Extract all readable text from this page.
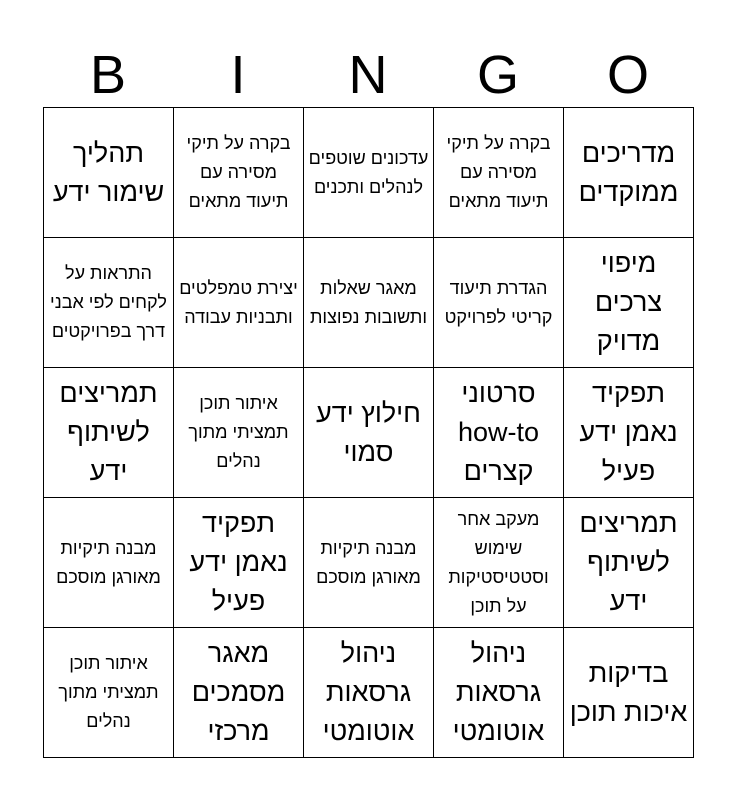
B	I	N	G	O
תהליך שימור ידע	בקרה על תיקי מסירה עם תיעוד מתאים	עדכונים שוטפים לנהלים ותכנים	בקרה על תיקי מסירה עם תיעוד מתאים	מדריכים ממוקדים

התראות על לקחים לפי אבני דרך בפרויקטים	יצירת טמפלטים ותבניות עבודה	מאגר שאלות ותשובות נפוצות	הגדרת תיעוד קריטי לפרויקט	מיפוי צרכים מדויק

תמריצים לשיתוף ידע	איתור תוכן תמציתי מתוך נהלים	חילוץ ידע סמוי	סרטוני how-to קצרים	תפקיד נאמן ידע פעיל

מבנה תיקיות מאורגן מוסכם	תפקיד נאמן ידע פעיל	מבנה תיקיות מאורגן מוסכם	מעקב אחר שימוש וסטטיסטיקות על תוכן	תמריצים לשיתוף ידע

איתור תוכן תמציתי מתוך נהלים	מאגר מסמכים מרכזי	ניהול גרסאות אוטומטי	ניהול גרסאות אוטומטי	בדיקות איכות תוכן
